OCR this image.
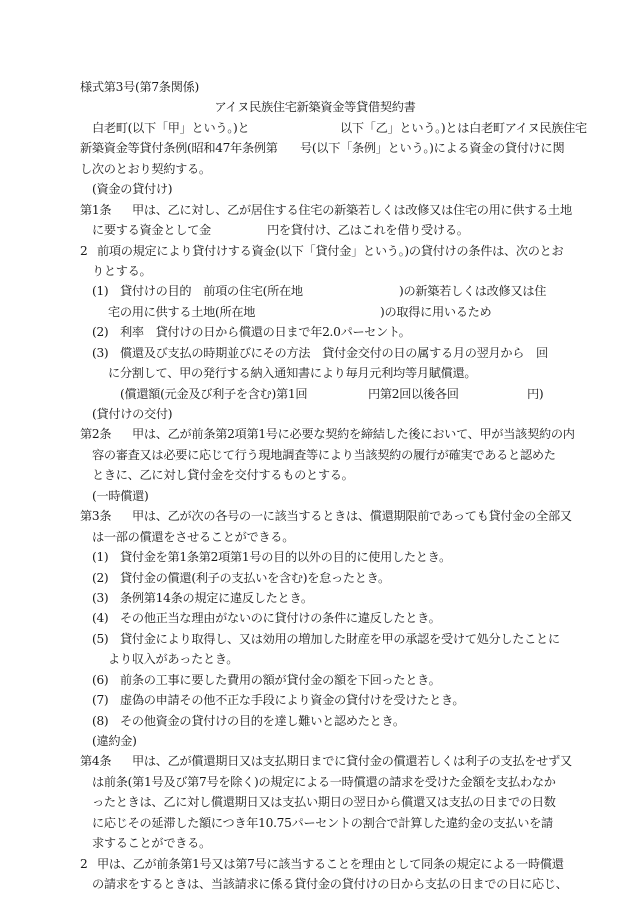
様式第3号(第7条関係)
アイヌ民族住宅新築資金等貸借契約書
白老町(以下「甲」という。)と	以下「乙」という。)とは白老町アイヌ民族住宅
新築資金等貸付条例(昭和47年条例第 号(以下「条例」という。)による資金の貸付けに関
し次のとおり契約する。
(資金の貸付け)
第1条 甲は、乙に対し、乙が居住する住宅の新築若しくは改修又は住宅の用に供する土地
に要する資金として金	円を貸付け、乙はこれを借り受ける。
2 前項の規定により貸付けする資金(以下「貸付金」という。)の貸付けの条件は、次のとお
りとする。
(1) 貸付けの目的　前項の住宅(所在地	)の新築若しくは改修又は住
宅の用に供する土地(所在地	)の取得に用いるため
(2) 利率　貸付けの日から償還の日まで年2.0パーセント。
(3) 償還及び支払の時期並びにその方法　貸付金交付の日の属する月の翌月から 回
に分割して、甲の発行する納入通知書により毎月元利均等月賦償還。
(償還額(元金及び利子を含む)第1回	円第2回以後各回	円)
(貸付けの交付)
第2条 甲は、乙が前条第2項第1号に必要な契約を締結した後において、甲が当該契約の内
容の審査又は必要に応じて行う現地調査等により当該契約の履行が確実であると認めた
ときに、乙に対し貸付金を交付するものとする。
(一時償還)
第3条 甲は、乙が次の各号の一に該当するときは、償還期限前であっても貸付金の全部又
は一部の償還をさせることができる。
(1) 貸付金を第1条第2項第1号の目的以外の目的に使用したとき。
(2) 貸付金の償還(利子の支払いを含む)を怠ったとき。
(3) 条例第14条の規定に違反したとき。
(4) その他正当な理由がないのに貸付けの条件に違反したとき。
(5) 貸付金により取得し、又は効用の増加した財産を甲の承認を受けて処分したことに
より収入があったとき。
(6) 前条の工事に要した費用の額が貸付金の額を下回ったとき。
(7) 虚偽の申請その他不正な手段により資金の貸付けを受けたとき。
(8) その他資金の貸付けの目的を達し難いと認めたとき。
(違約金)
第4条 甲は、乙が償還期日又は支払期日までに貸付金の償還若しくは利子の支払をせず又
は前条(第1号及び第7号を除く)の規定による一時償還の請求を受けた金額を支払わなか
ったときは、乙に対し償還期日又は支払い期日の翌日から償還又は支払の日までの日数
に応じその延滞した額につき年10.75パーセントの割合で計算した違約金の支払いを請
求することができる。
2 甲は、乙が前条第1号又は第7号に該当することを理由として同条の規定による一時償還
の請求をするときは、当該請求に係る貸付金の貸付けの日から支払の日までの日に応じ、
